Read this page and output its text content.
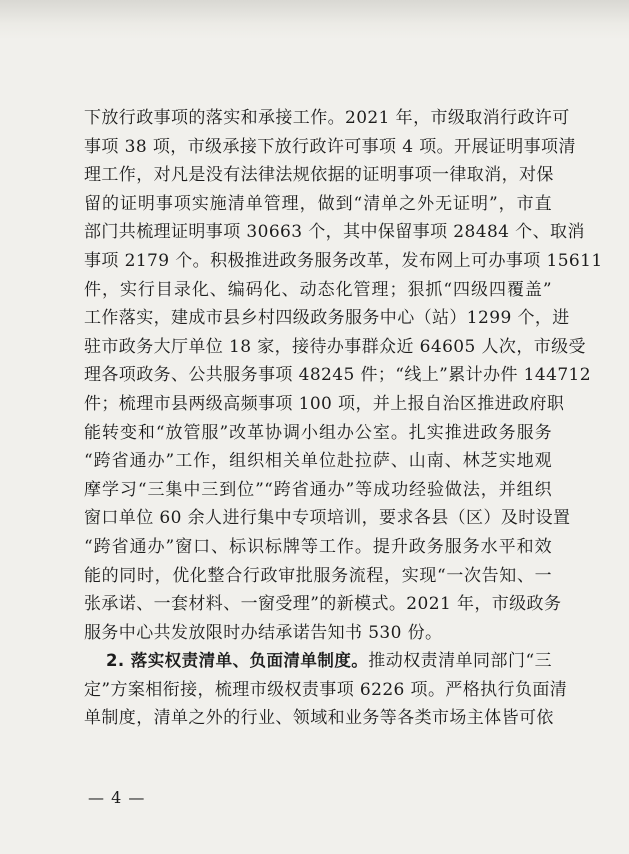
下放行政事项的落实和承接工作。2021 年，市级取消行政许可
事项 38 项，市级承接下放行政许可事项 4 项。开展证明事项清
理工作，对凡是没有法律法规依据的证明事项一律取消，对保
留的证明事项实施清单管理，做到“清单之外无证明”，市直
部门共梳理证明事项 30663 个，其中保留事项 28484 个、取消
事项 2179 个。积极推进政务服务改革，发布网上可办事项 15611
件，实行目录化、编码化、动态化管理；狠抓“四级四覆盖”
工作落实，建成市县乡村四级政务服务中心（站）1299 个，进
驻市政务大厅单位 18 家，接待办事群众近 64605 人次，市级受
理各项政务、公共服务事项 48245 件；“线上”累计办件 144712
件；梳理市县两级高频事项 100 项，并上报自治区推进政府职
能转变和“放管服”改革协调小组办公室。扎实推进政务服务
“跨省通办”工作，组织相关单位赴拉萨、山南、林芝实地观
摩学习“三集中三到位”“跨省通办”等成功经验做法，并组织
窗口单位 60 余人进行集中专项培训，要求各县（区）及时设置
“跨省通办”窗口、标识标牌等工作。提升政务服务水平和效
能的同时，优化整合行政审批服务流程，实现“一次告知、一
张承诺、一套材料、一窗受理”的新模式。2021 年，市级政务
服务中心共发放限时办结承诺告知书 530 份。
2. 落实权责清单、负面清单制度。推动权责清单同部门“三
定”方案相衔接，梳理市级权责事项 6226 项。严格执行负面清
单制度，清单之外的行业、领域和业务等各类市场主体皆可依
— 4 —
